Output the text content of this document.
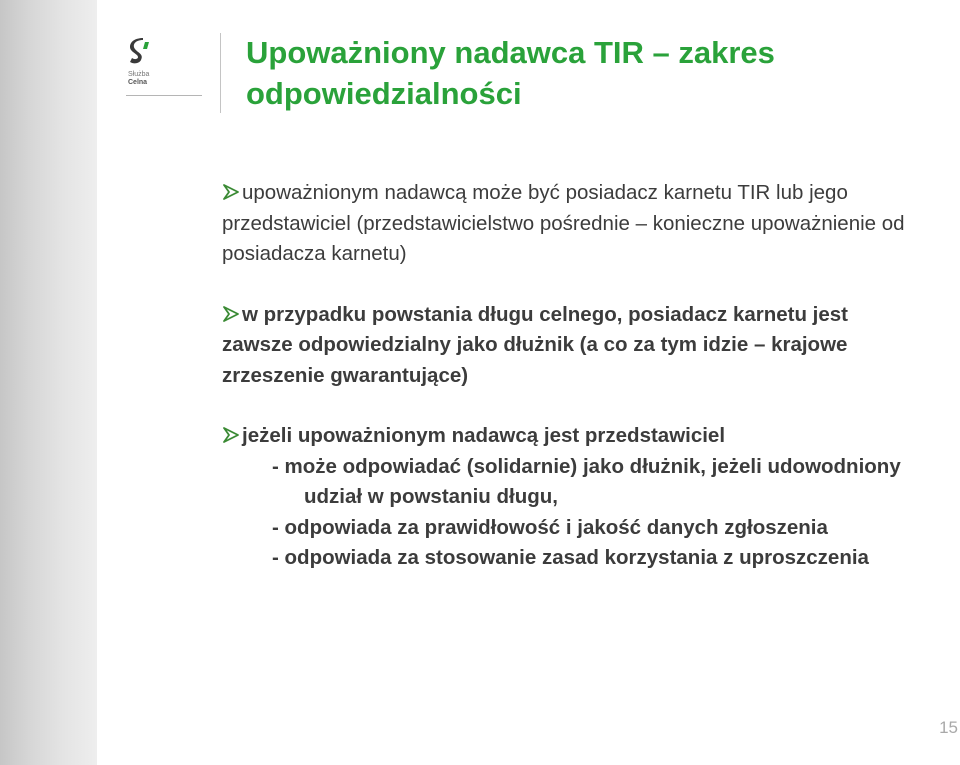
Służba
Celna
Upoważniony nadawca TIR – zakres odpowiedzialności
upoważnionym nadawcą może być posiadacz karnetu TIR lub jego przedstawiciel (przedstawicielstwo pośrednie – konieczne upoważnienie od posiadacza karnetu)
w przypadku powstania długu celnego, posiadacz karnetu jest zawsze odpowiedzialny jako dłużnik (a co za tym idzie – krajowe zrzeszenie gwarantujące)
jeżeli upoważnionym nadawcą jest przedstawiciel
- może odpowiadać (solidarnie) jako dłużnik, jeżeli udowodniony udział w powstaniu długu,
- odpowiada za prawidłowość i jakość danych zgłoszenia
- odpowiada za stosowanie zasad korzystania z uproszczenia
15
